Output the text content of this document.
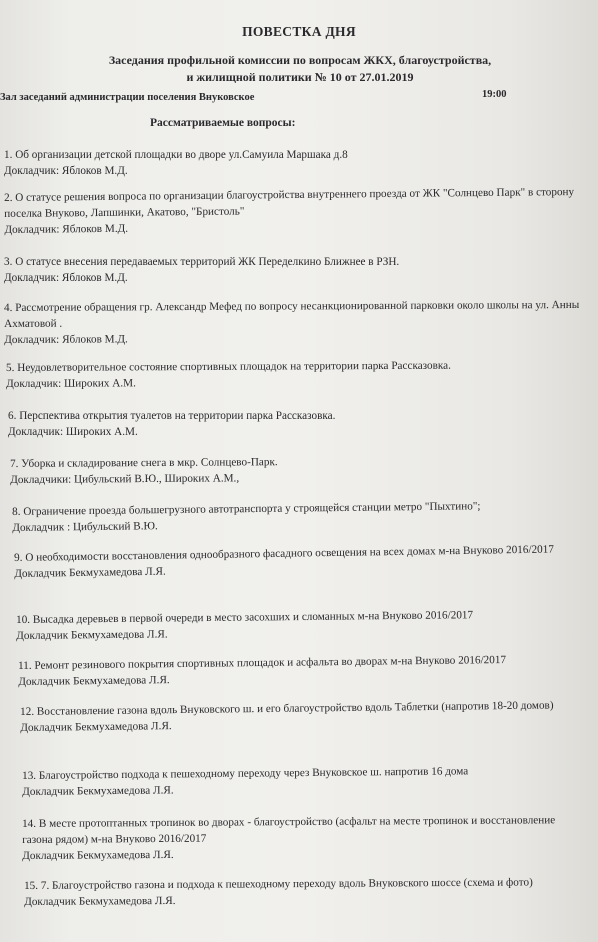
ПОВЕСТКА ДНЯ
Заседания профильной комиссии по вопросам ЖКХ, благоустройства,
и жилищной политики № 10 от 27.01.2019
Зал заседаний администрации поселения Внуковское	19:00
Рассматриваемые вопросы:
1. Об организации детской площадки во дворе ул.Самуила Маршака д.8
Докладчик: Яблоков М.Д.
2. О статусе решения вопроса по организации благоустройства внутреннего проезда от ЖК "Солнцево Парк" в сторону поселка Внуково, Лапшинки, Акатово, "Бристоль"
Докладчик: Яблоков М.Д.
3. О статусе внесения передаваемых территорий ЖК Переделкино Ближнее в РЗН.
Докладчик: Яблоков М.Д.
4. Рассмотрение обращения гр. Александр Мефед по вопросу несанкционированной парковки около школы на ул. Анны Ахматовой .
Докладчик: Яблоков М.Д.
5. Неудовлетворительное состояние спортивных площадок на территории парка Рассказовка.
Докладчик: Широких А.М.
6. Перспектива открытия туалетов на территории парка Рассказовка.
Докладчик: Широких А.М.
7. Уборка и складирование снега в мкр. Солнцево-Парк.
Докладчики: Цибульский В.Ю., Широких А.М.,
8. Ограничение проезда большегрузного автотранспорта у строящейся станции метро "Пыхтино";
Докладчик : Цибульский В.Ю.
9. О необходимости восстановления однообразного фасадного освещения на всех домах м-на Внуково 2016/2017
Докладчик Бекмухамедова Л.Я.
10. Высадка деревьев в первой очереди в место засохших и сломанных м-на Внуково 2016/2017
Докладчик Бекмухамедова Л.Я.
11. Ремонт резинового покрытия спортивных площадок и асфальта во дворах м-на Внуково 2016/2017
Докладчик Бекмухамедова Л.Я.
12. Восстановление газона вдоль Внуковского ш. и его благоустройство вдоль Таблетки (напротив 18-20 домов)
Докладчик Бекмухамедова Л.Я.
13. Благоустройство подхода к пешеходному переходу через Внуковское ш. напротив 16 дома
Докладчик Бекмухамедова Л.Я.
14. В месте протоптанных тропинок во дворах - благоустройство (асфальт на месте тропинок и восстановление газона рядом) м-на Внуково 2016/2017
Докладчик Бекмухамедова Л.Я.
15. 7. Благоустройство газона и подхода к пешеходному переходу вдоль Внуковского шоссе (схема и фото)
Докладчик Бекмухамедова Л.Я.
